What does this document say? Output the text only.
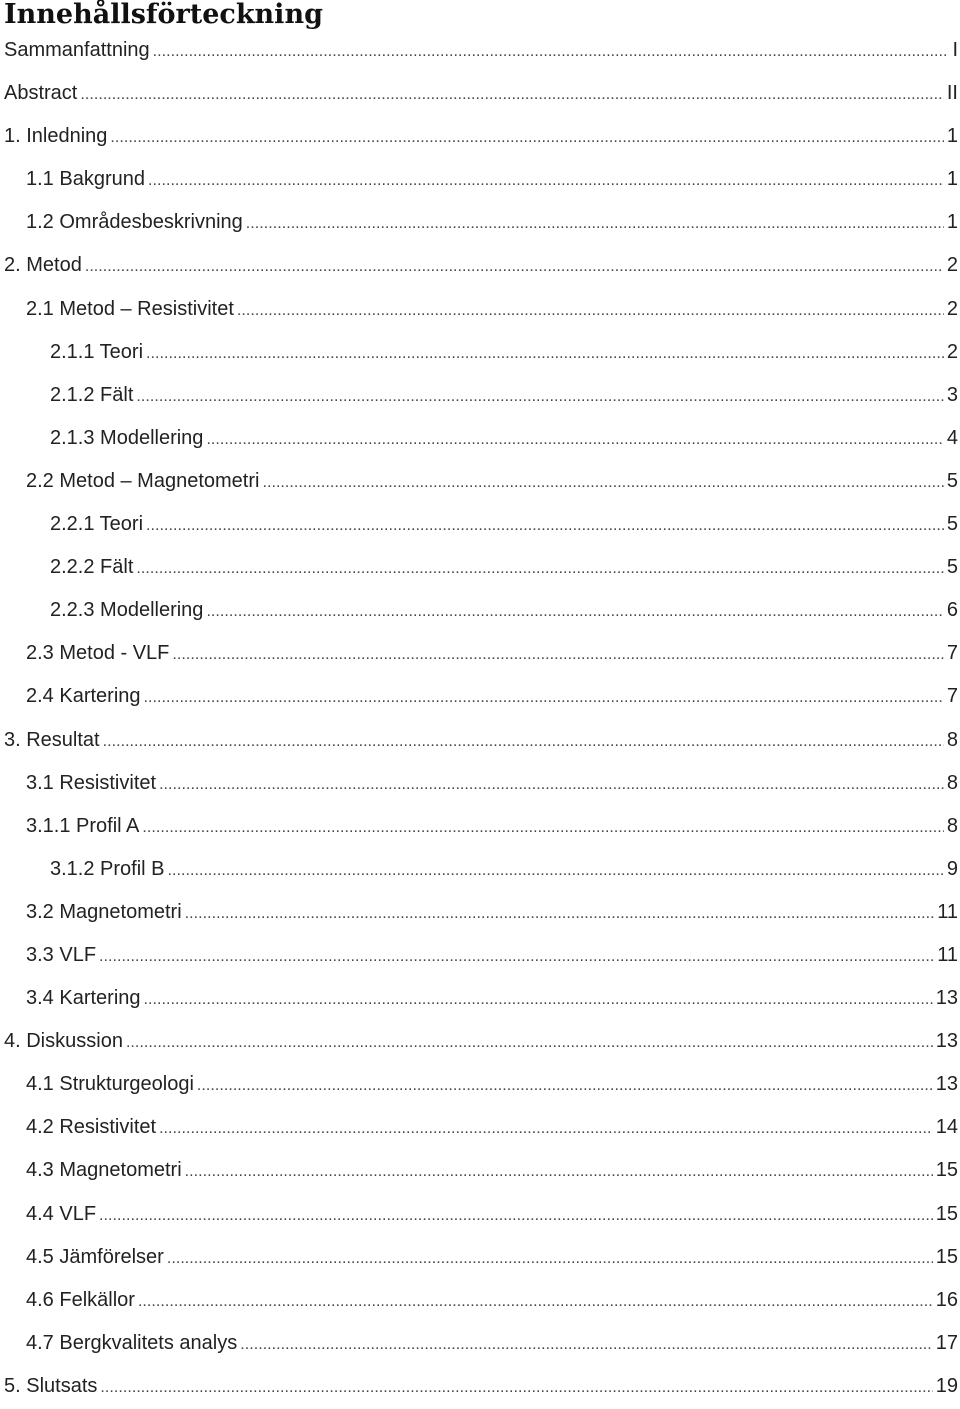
Innehållsförteckning
Sammanfattning . . .	I
Abstract . . .	II
1. Inledning . . .	1
1.1 Bakgrund . . .	1
1.2 Områdesbeskrivning . . .	1
2. Metod . . .	2
2.1 Metod – Resistivitet . . .	2
2.1.1 Teori . . .	2
2.1.2 Fält . . .	3
2.1.3 Modellering . . .	4
2.2 Metod – Magnetometri . . .	5
2.2.1 Teori . . .	5
2.2.2 Fält . . .	5
2.2.3 Modellering . . .	6
2.3 Metod - VLF . . .	7
2.4 Kartering . . .	7
3. Resultat . . .	8
3.1 Resistivitet . . .	8
3.1.1 Profil A . . .	8
3.1.2 Profil B . . .	9
3.2 Magnetometri . . .	11
3.3 VLF . . .	11
3.4 Kartering . . .	13
4. Diskussion . . .	13
4.1 Strukturgeologi . . .	13
4.2 Resistivitet . . .	14
4.3 Magnetometri . . .	15
4.4 VLF . . .	15
4.5 Jämförelser . . .	15
4.6 Felkällor . . .	16
4.7 Bergkvalitets analys . . .	17
5. Slutsats . . .	19
